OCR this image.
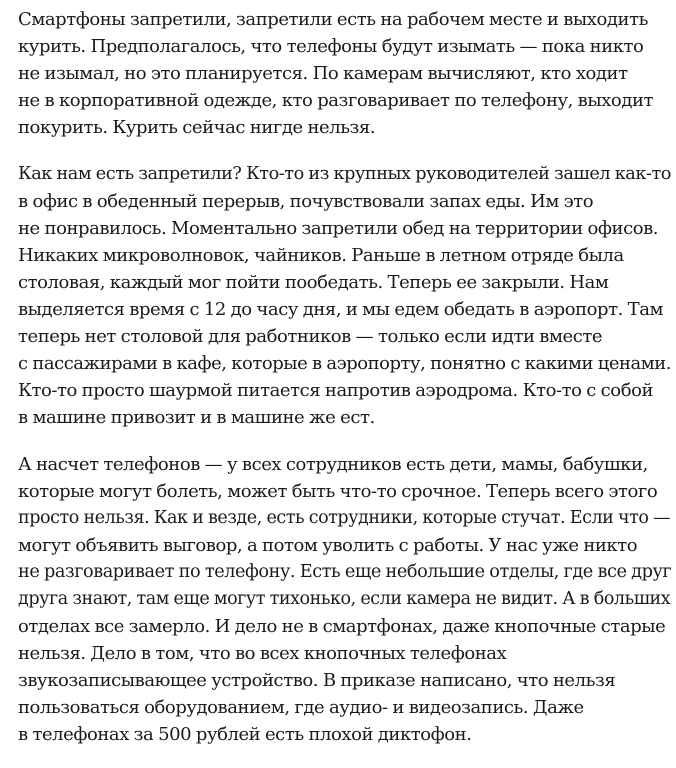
Смартфоны запретили, запретили есть на рабочем месте и выходить
курить. Предполагалось, что телефоны будут изымать — пока никто
не изымал, но это планируется. По камерам вычисляют, кто ходит
не в корпоративной одежде, кто разговаривает по телефону, выходит
покурить. Курить сейчас нигде нельзя.

Как нам есть запретили? Кто-то из крупных руководителей зашел как-то
в офис в обеденный перерыв, почувствовали запах еды. Им это
не понравилось. Моментально запретили обед на территории офисов.
Никаких микроволновок, чайников. Раньше в летном отряде была
столовая, каждый мог пойти пообедать. Теперь ее закрыли. Нам
выделяется время с 12 до часу дня, и мы едем обедать в аэропорт. Там
теперь нет столовой для работников — только если идти вместе
с пассажирами в кафе, которые в аэропорту, понятно с какими ценами.
Кто-то просто шаурмой питается напротив аэродрома. Кто-то с собой
в машине привозит и в машине же ест.

А насчет телефонов — у всех сотрудников есть дети, мамы, бабушки,
которые могут болеть, может быть что-то срочное. Теперь всего этого
просто нельзя. Как и везде, есть сотрудники, которые стучат. Если что —
могут объявить выговор, а потом уволить с работы. У нас уже никто
не разговаривает по телефону. Есть еще небольшие отделы, где все друг
друга знают, там еще могут тихонько, если камера не видит. А в больших
отделах все замерло. И дело не в смартфонах, даже кнопочные старые
нельзя. Дело в том, что во всех кнопочных телефонах
звукозаписывающее устройство. В приказе написано, что нельзя
пользоваться оборудованием, где аудио- и видеозапись. Даже
в телефонах за 500 рублей есть плохой диктофон.
